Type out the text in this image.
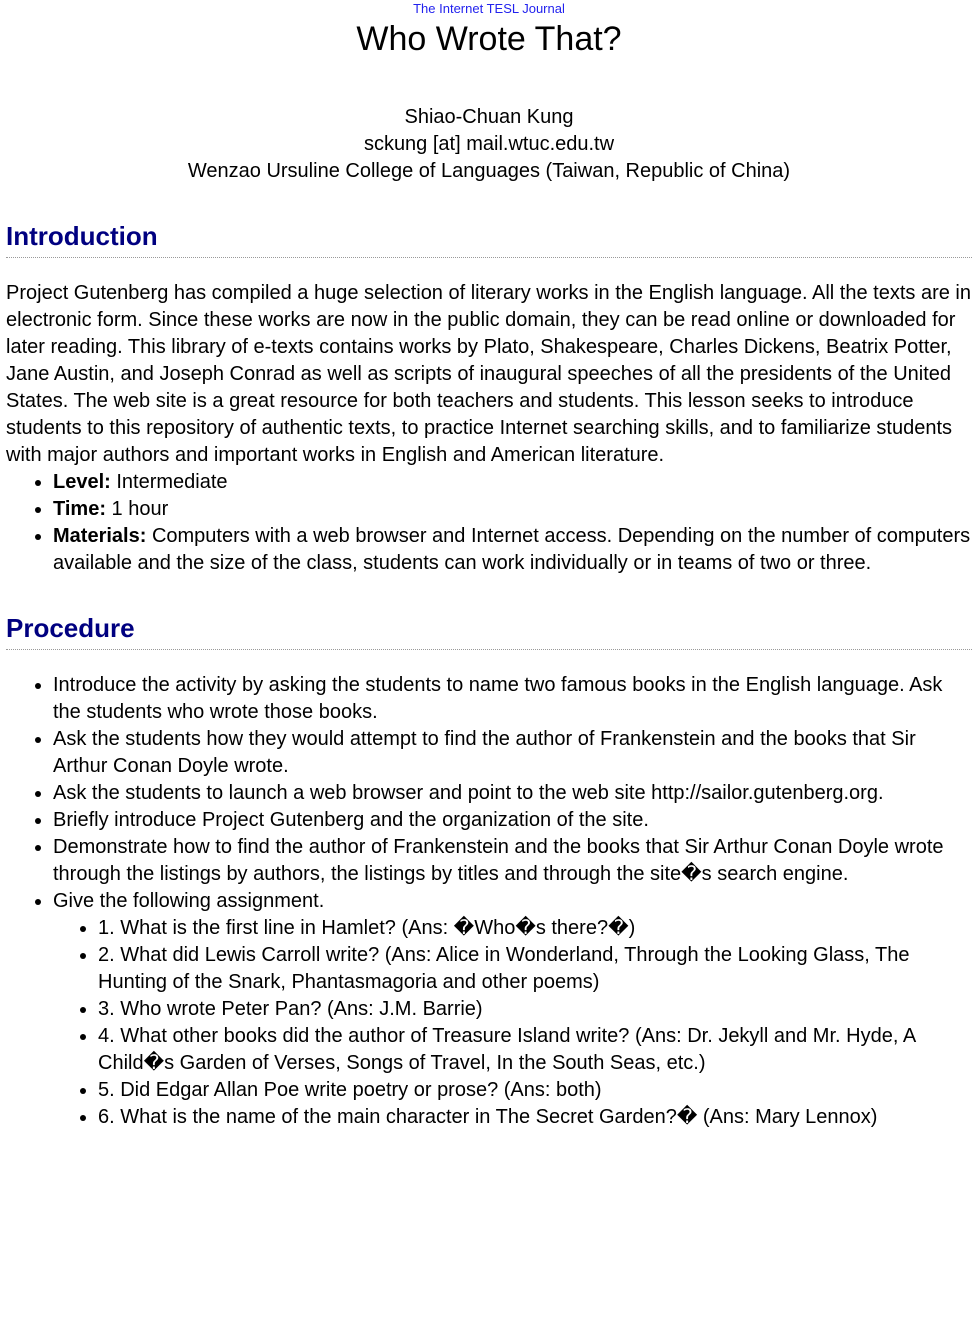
The Internet TESL Journal
Who Wrote That?
Shiao-Chuan Kung
sckung [at] mail.wtuc.edu.tw
Wenzao Ursuline College of Languages (Taiwan, Republic of China)
Introduction

Project Gutenberg has compiled a huge selection of literary works in the English language. All the texts are in electronic form. Since these works are now in the public domain, they can be read online or downloaded for later reading. This library of e-texts contains works by Plato, Shakespeare, Charles Dickens, Beatrix Potter, Jane Austin, and Joseph Conrad as well as scripts of inaugural speeches of all the presidents of the United States. The web site is a great resource for both teachers and students. This lesson seeks to introduce students to this repository of authentic texts, to practice Internet searching skills, and to familiarize students with major authors and important works in English and American literature.

• Level: Intermediate
• Time: 1 hour
• Materials: Computers with a web browser and Internet access. Depending on the number of computers available and the size of the class, students can work individually or in teams of two or three.
Procedure
• Introduce the activity by asking the students to name two famous books in the English language. Ask the students who wrote those books.
• Ask the students how they would attempt to find the author of Frankenstein and the books that Sir Arthur Conan Doyle wrote.
• Ask the students to launch a web browser and point to the web site http://sailor.gutenberg.org.
• Briefly introduce Project Gutenberg and the organization of the site.
• Demonstrate how to find the author of Frankenstein and the books that Sir Arthur Conan Doyle wrote through the listings by authors, the listings by titles and through the site�s search engine.
• Give the following assignment.
• 1. What is the first line in Hamlet? (Ans: �Who�s there?�)
• 2. What did Lewis Carroll write? (Ans: Alice in Wonderland, Through the Looking Glass, The Hunting of the Snark, Phantasmagoria and other poems)
• 3. Who wrote Peter Pan? (Ans: J.M. Barrie)
• 4. What other books did the author of Treasure Island write? (Ans: Dr. Jekyll and Mr. Hyde, A Child�s Garden of Verses, Songs of Travel, In the South Seas, etc.)
• 5. Did Edgar Allan Poe write poetry or prose? (Ans: both)
• 6. What is the name of the main character in The Secret Garden?� (Ans: Mary Lennox)
